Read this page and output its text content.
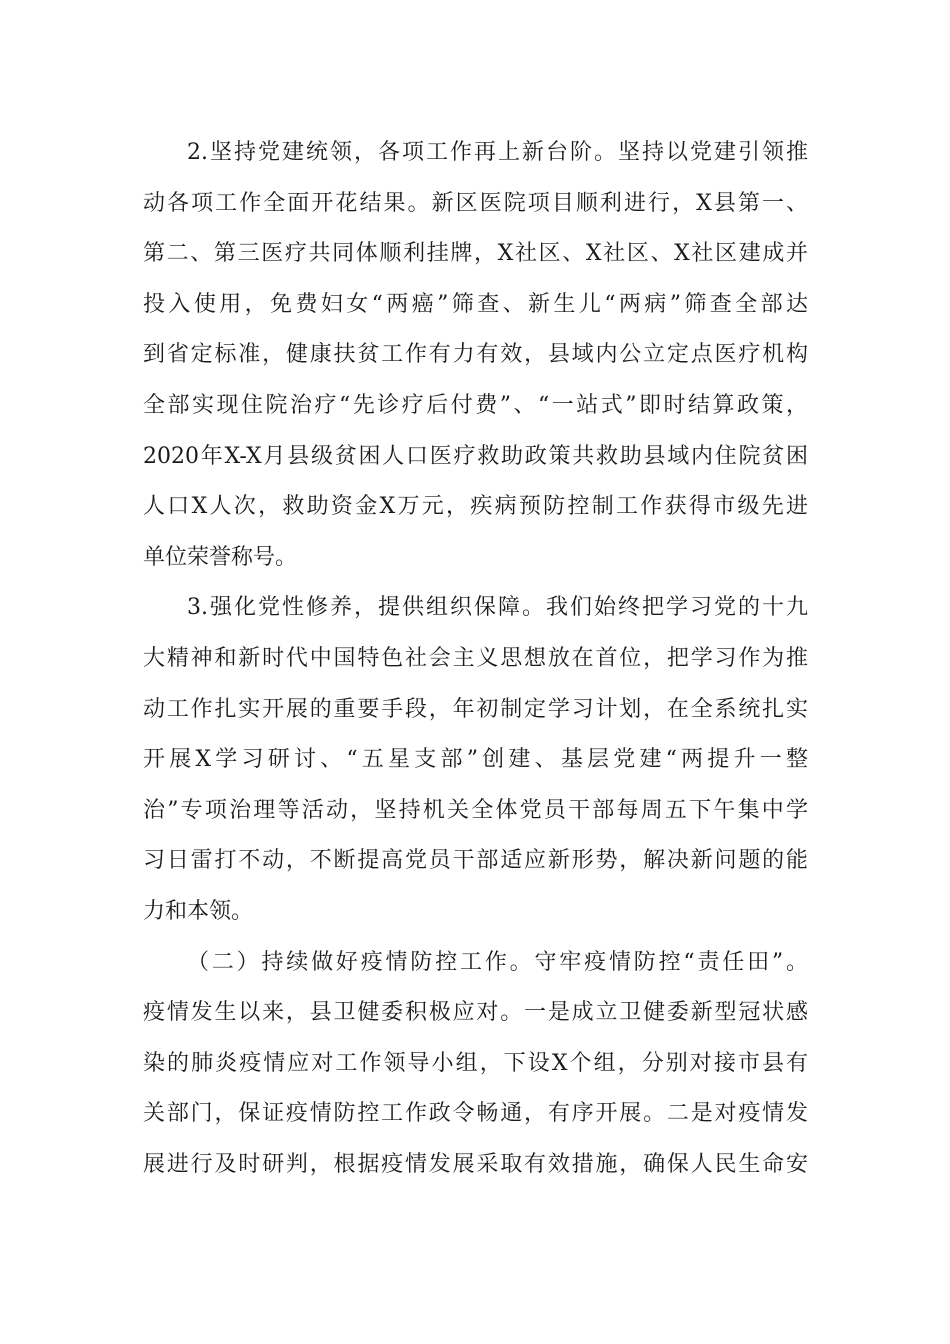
2.坚持党建统领，各项工作再上新台阶。坚持以党建引领推
动各项工作全面开花结果。新区医院项目顺利进行，X县第一、
第二、第三医疗共同体顺利挂牌，X社区、X社区、X社区建成并
投入使用，免费妇女“两癌”筛查、新生儿“两病”筛查全部达
到省定标准，健康扶贫工作有力有效，县域内公立定点医疗机构
全部实现住院治疗“先诊疗后付费”、“一站式”即时结算政策，
2020年X-X月县级贫困人口医疗救助政策共救助县域内住院贫困
人口X人次，救助资金X万元，疾病预防控制工作获得市级先进
单位荣誉称号。
3.强化党性修养，提供组织保障。我们始终把学习党的十九
大精神和新时代中国特色社会主义思想放在首位，把学习作为推
动工作扎实开展的重要手段，年初制定学习计划，在全系统扎实
开展X学习研讨、“五星支部”创建、基层党建“两提升一整
治”专项治理等活动，坚持机关全体党员干部每周五下午集中学
习日雷打不动，不断提高党员干部适应新形势，解决新问题的能
力和本领。
（二）持续做好疫情防控工作。守牢疫情防控“责任田”。
疫情发生以来，县卫健委积极应对。一是成立卫健委新型冠状感
染的肺炎疫情应对工作领导小组，下设X个组，分别对接市县有
关部门，保证疫情防控工作政令畅通，有序开展。二是对疫情发
展进行及时研判，根据疫情发展采取有效措施，确保人民生命安
